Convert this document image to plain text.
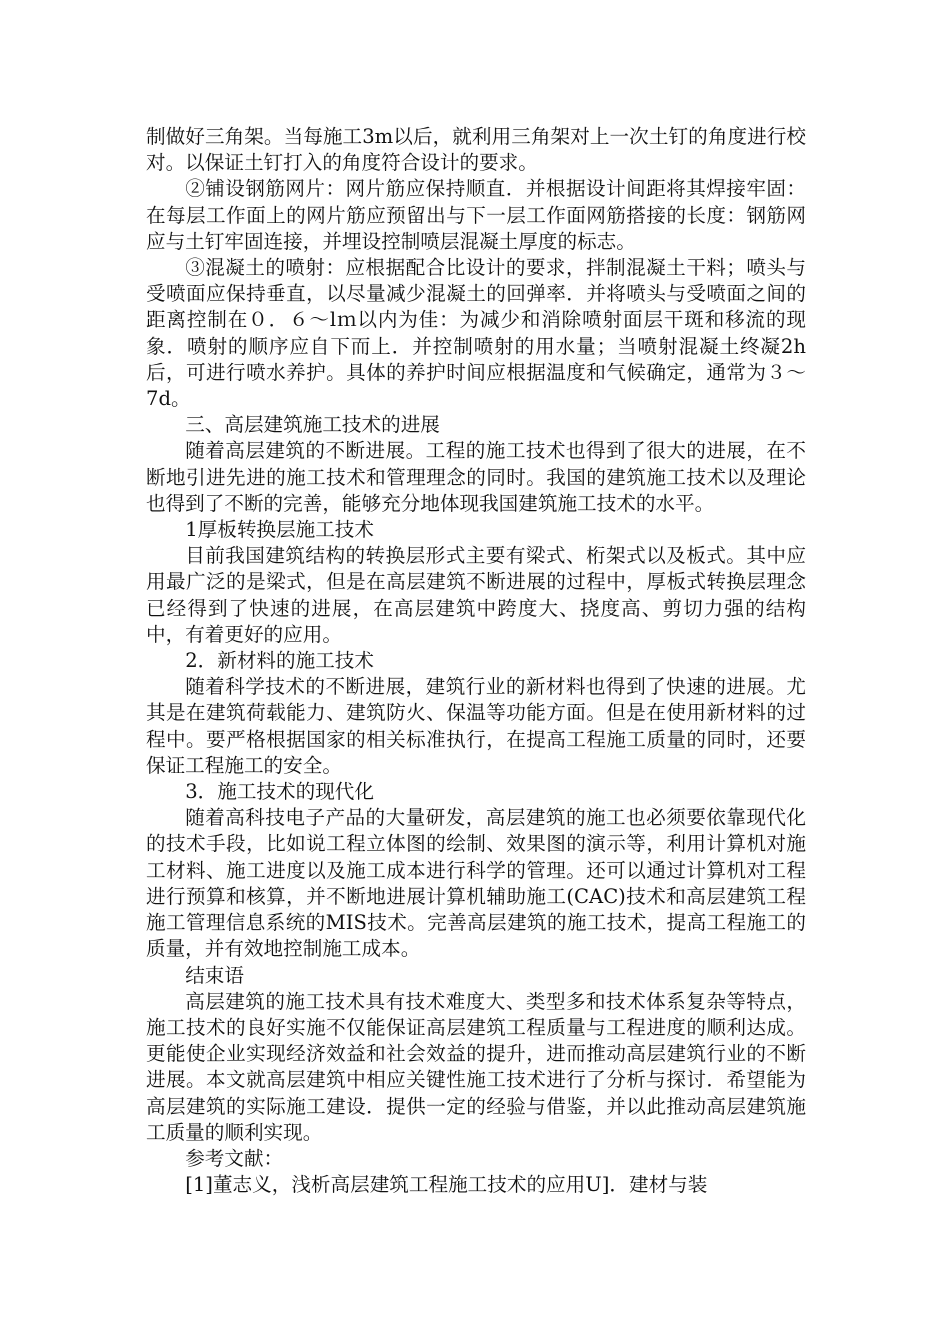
制做好三角架。当每施工3m以后，就利用三角架对上一次土钉的角度进行校对。以保证土钉打入的角度符合设计的要求。

②铺设钢筋网片：网片筋应保持顺直．并根据设计间距将其焊接牢固：在每层工作面上的网片筋应预留出与下一层工作面网筋搭接的长度：钢筋网应与土钉牢固连接，并埋设控制喷层混凝土厚度的标志。

③混凝土的喷射：应根据配合比设计的要求，拌制混凝土干料；喷头与受喷面应保持垂直，以尽量减少混凝土的回弹率．并将喷头与受喷面之间的距离控制在０．６～lｍ以内为佳：为减少和消除喷射面层干斑和移流的现象．喷射的顺序应自下而上．并控制喷射的用水量；当喷射混凝土终凝2h后，可进行喷水养护。具体的养护时间应根据温度和气候确定，通常为３～7d。

三、高层建筑施工技术的进展

随着高层建筑的不断进展。工程的施工技术也得到了很大的进展，在不断地引进先进的施工技术和管理理念的同时。我国的建筑施工技术以及理论也得到了不断的完善，能够充分地体现我国建筑施工技术的水平。

1厚板转换层施工技术

目前我国建筑结构的转换层形式主要有梁式、桁架式以及板式。其中应用最广泛的是梁式，但是在高层建筑不断进展的过程中，厚板式转换层理念已经得到了快速的进展，在高层建筑中跨度大、挠度高、剪切力强的结构中，有着更好的应用。

2．新材料的施工技术

随着科学技术的不断进展，建筑行业的新材料也得到了快速的进展。尤其是在建筑荷载能力、建筑防火、保温等功能方面。但是在使用新材料的过程中。要严格根据国家的相关标准执行，在提高工程施工质量的同时，还要保证工程施工的安全。

3．施工技术的现代化

随着高科技电子产品的大量研发，高层建筑的施工也必须要依靠现代化的技术手段，比如说工程立体图的绘制、效果图的演示等，利用计算机对施工材料、施工进度以及施工成本进行科学的管理。还可以通过计算机对工程进行预算和核算，并不断地进展计算机辅助施工(CAC)技术和高层建筑工程施工管理信息系统的MIS技术。完善高层建筑的施工技术，提高工程施工的质量，并有效地控制施工成本。

结束语

高层建筑的施工技术具有技术难度大、类型多和技术体系复杂等特点，施工技术的良好实施不仅能保证高层建筑工程质量与工程进度的顺利达成。更能使企业实现经济效益和社会效益的提升，进而推动高层建筑行业的不断进展。本文就高层建筑中相应关键性施工技术进行了分析与探讨．希望能为高层建筑的实际施工建设．提供一定的经验与借鉴，并以此推动高层建筑施工质量的顺利实现。

参考文献：

[1]董志义，浅析高层建筑工程施工技术的应用U]．建材与装
